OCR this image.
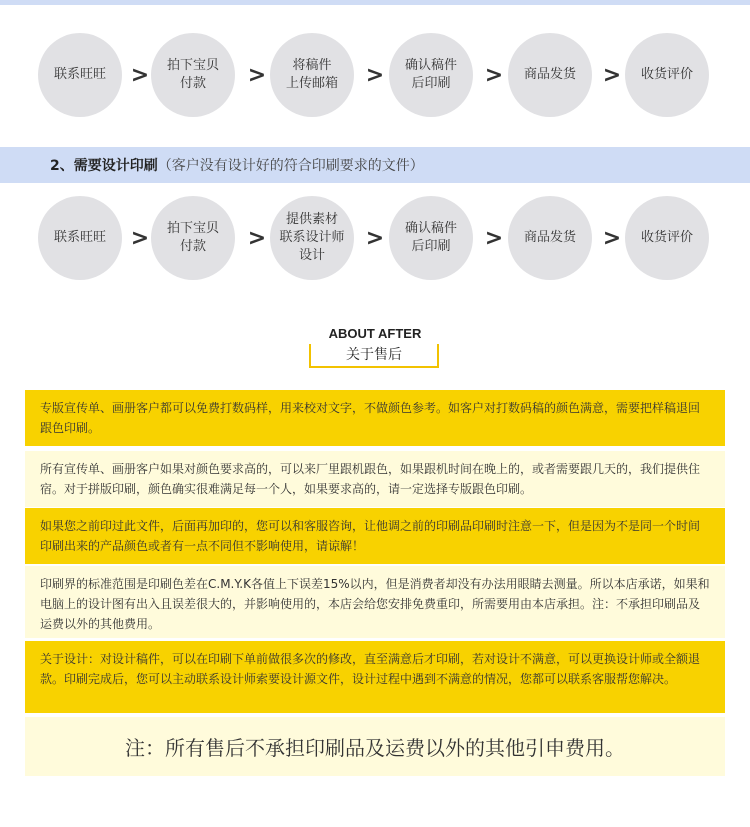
联系旺旺	>	拍下宝贝
付款	>	将稿件
上传邮箱	>	确认稿件
后印刷	>	商品发货	>	收货评价
2、需要设计印刷 （客户没有设计好的符合印刷要求的文件）
联系旺旺	>	拍下宝贝
付款	>
提供素材
联系设计师
设计
>	确认稿件
后印刷	>	商品发货	>	收货评价
ABOUT AFTER
关于售后
专版宣传单、画册客户都可以免费打数码样，用来校对文字，不做颜色参考。如客户对打数码稿的颜色满意，需要把样稿退回跟色印刷。
所有宣传单、画册客户如果对颜色要求高的，可以来厂里跟机跟色，如果跟机时间在晚上的，或者需要跟几天的，我们提供住宿。对于拼版印刷，颜色确实很难满足每一个人，如果要求高的，请一定选择专版跟色印刷。
如果您之前印过此文件，后面再加印的，您可以和客服咨询，让他调之前的印刷品印刷时注意一下，但是因为不是同一个时间印刷出来的产品颜色或者有一点不同但不影响使用，请谅解！
印刷界的标准范围是印刷色差在C.M.Y.K各值上下误差15%以内，但是消费者却没有办法用眼睛去测量。所以本店承诺，如果和电脑上的设计图有出入且误差很大的，并影响使用的，本店会给您安排免费重印，所需要用由本店承担。注：不承担印刷品及运费以外的其他费用。
关于设计：对设计稿件，可以在印刷下单前做很多次的修改，直至满意后才印刷，若对设计不满意，可以更换设计师或全额退款。印刷完成后，您可以主动联系设计师索要设计源文件，设计过程中遇到不满意的情况，您都可以联系客服帮您解决。
注：所有售后不承担印刷品及运费以外的其他引申费用。
